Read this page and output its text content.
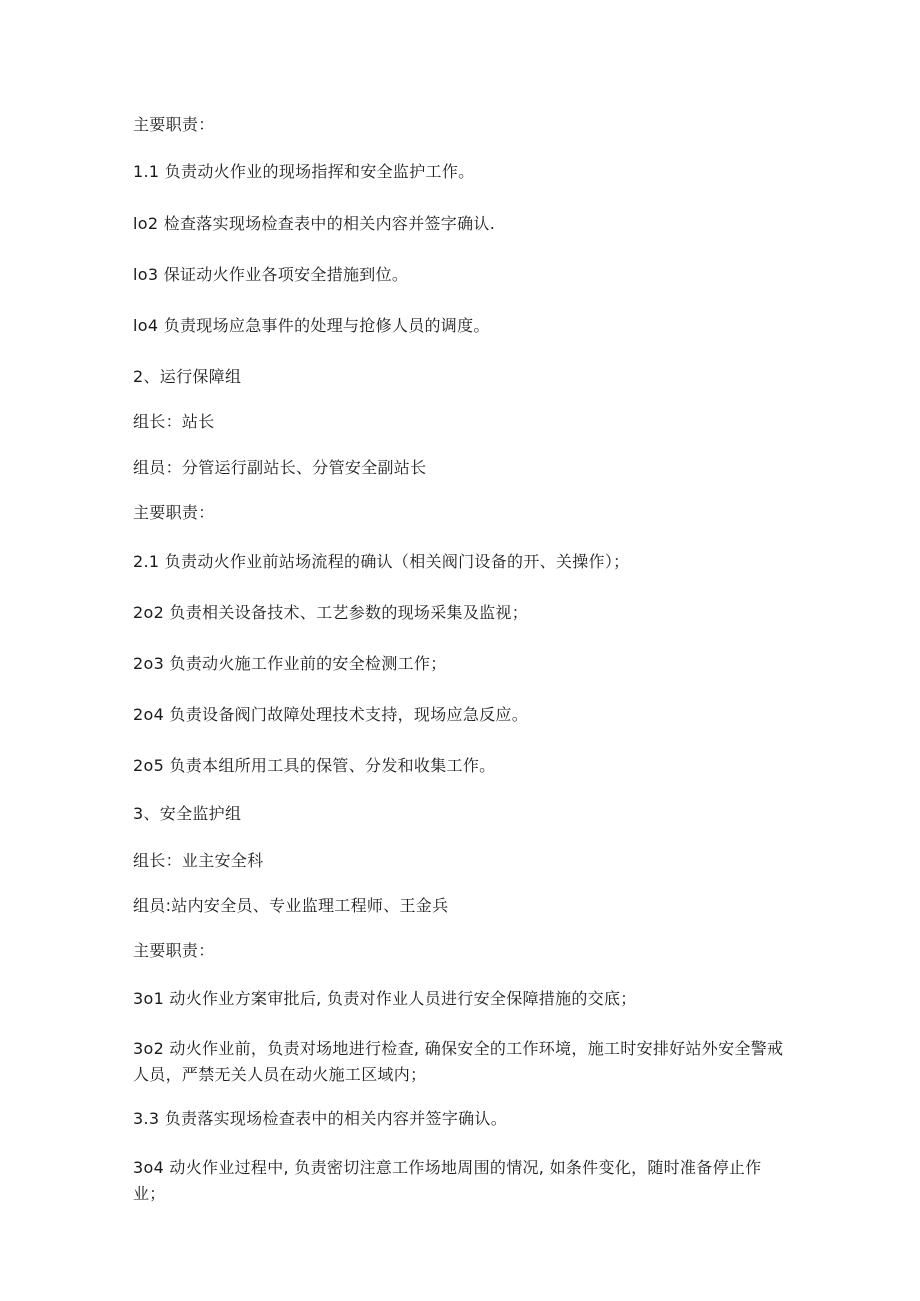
主要职责：
1.1 负责动火作业的现场指挥和安全监护工作。
lo2 检查落实现场检查表中的相关内容并签字确认.
lo3 保证动火作业各项安全措施到位。
lo4 负责现场应急事件的处理与抢修人员的调度。
2、运行保障组
组长：站长
组员：分管运行副站长、分管安全副站长
主要职责：
2.1 负责动火作业前站场流程的确认（相关阀门设备的开、关操作）；
2o2 负责相关设备技术、工艺参数的现场采集及监视；
2o3 负责动火施工作业前的安全检测工作；
2o4 负责设备阀门故障处理技术支持，现场应急反应。
2o5 负责本组所用工具的保管、分发和收集工作。
3、安全监护组
组长：业主安全科
组员:站内安全员、专业监理工程师、王金兵
主要职责：
3o1 动火作业方案审批后, 负责对作业人员进行安全保障措施的交底；
3o2 动火作业前，负责对场地进行检查, 确保安全的工作环境，施工时安排好站外安全警戒人员，严禁无关人员在动火施工区域内；
3.3 负责落实现场检查表中的相关内容并签字确认。
3o4 动火作业过程中, 负责密切注意工作场地周围的情况, 如条件变化，随时准备停止作业；
